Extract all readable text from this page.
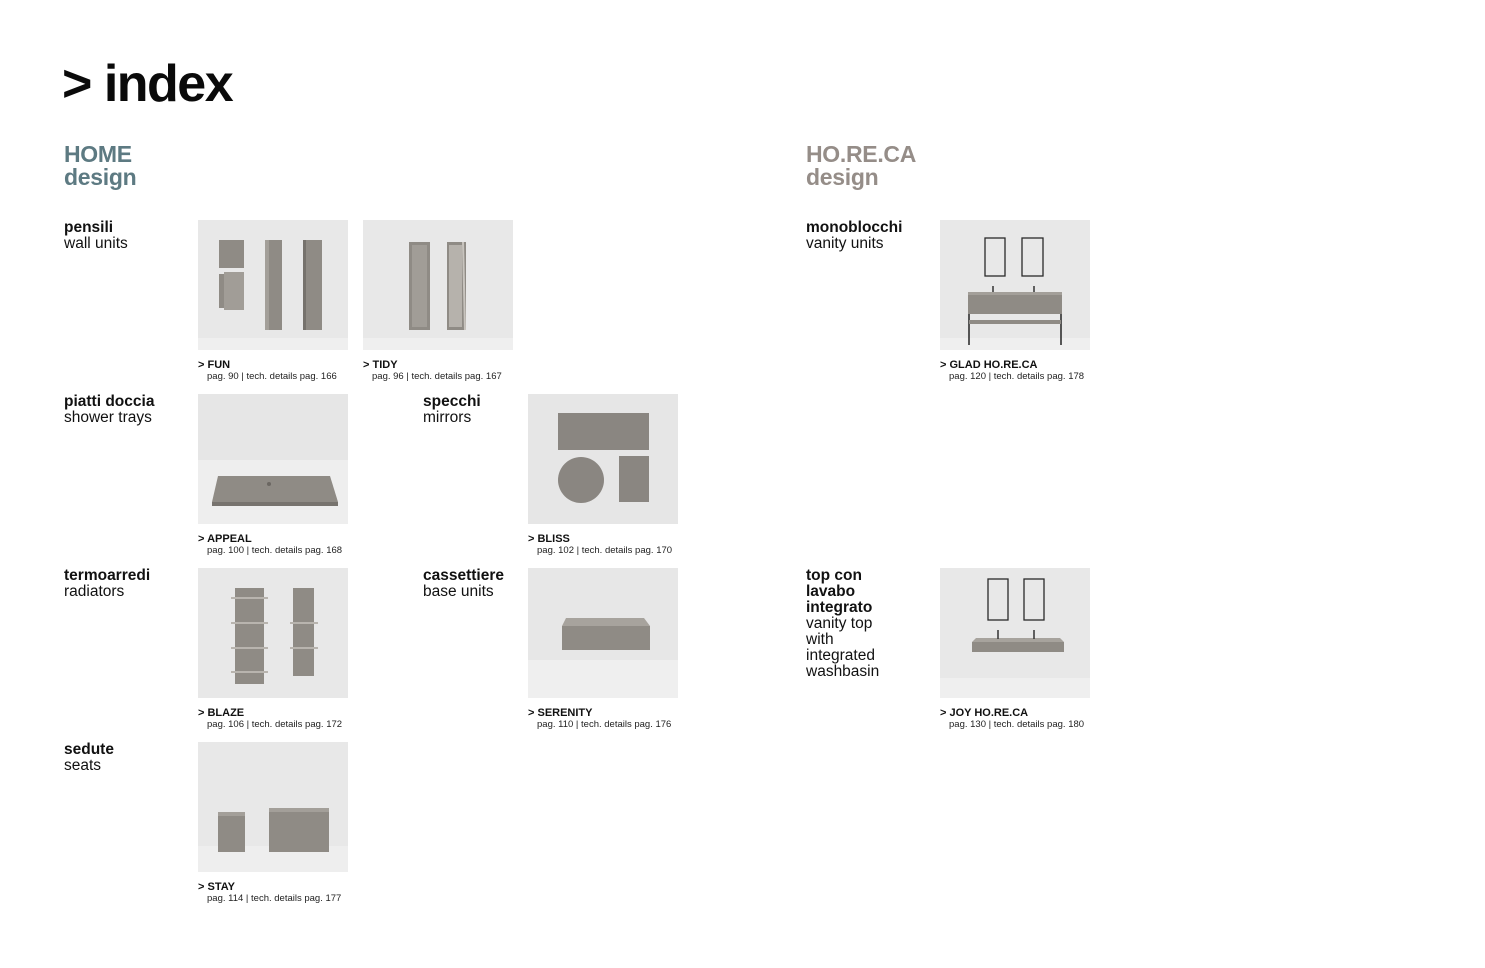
> index
HOME
design
HO.RE.CA
design
pensili
wall units
piatti doccia
shower trays
specchi
mirrors
termoarredi
radiators
cassettiere
base units
sedute
seats
monoblocchi
vanity units
top con
lavabo
integrato
vanity top
with
integrated
washbasin
> FUN
pag. 90 | tech. details pag. 166
> TIDY
pag. 96 | tech. details pag. 167
> APPEAL
pag. 100 | tech. details pag. 168
> BLISS
pag. 102 | tech. details pag. 170
> BLAZE
pag. 106 | tech. details pag. 172
> SERENITY
pag. 110 | tech. details pag. 176
> STAY
pag. 114 | tech. details pag. 177
> GLAD HO.RE.CA
pag. 120 | tech. details pag. 178
> JOY HO.RE.CA
pag. 130 | tech. details pag. 180
